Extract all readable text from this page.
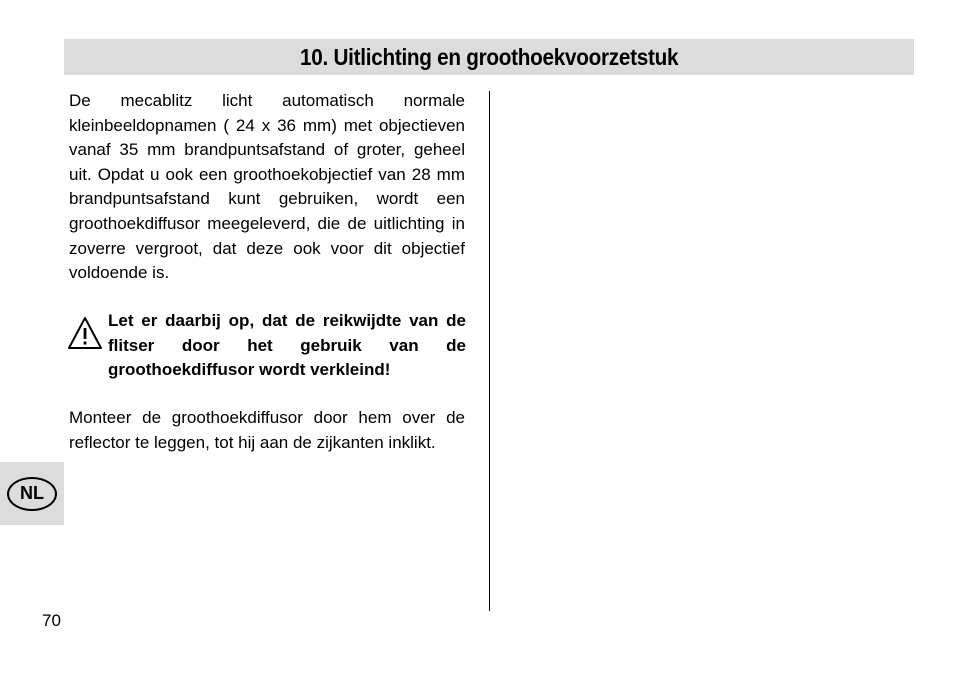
10. Uitlichting en groothoekvoorzetstuk

De mecablitz licht automatisch normale kleinbeeldopnamen ( 24 x 36 mm) met objectieven vanaf 35 mm brandpuntsafstand of groter, geheel uit. Opdat u ook een groothoekobjectief van 28 mm brandpuntsafstand kunt gebruiken, wordt een groothoekdiffusor meegeleverd, die de uitlichting in zoverre vergroot, dat deze ook voor dit objectief voldoende is.

Let er daarbij op, dat de reikwijdte van de flitser door het gebruik van de groothoekdiffusor wordt verkleind!

Monteer de groothoekdiffusor door hem over de reflector te leggen, tot hij aan de zijkanten inklikt.

NL
70
